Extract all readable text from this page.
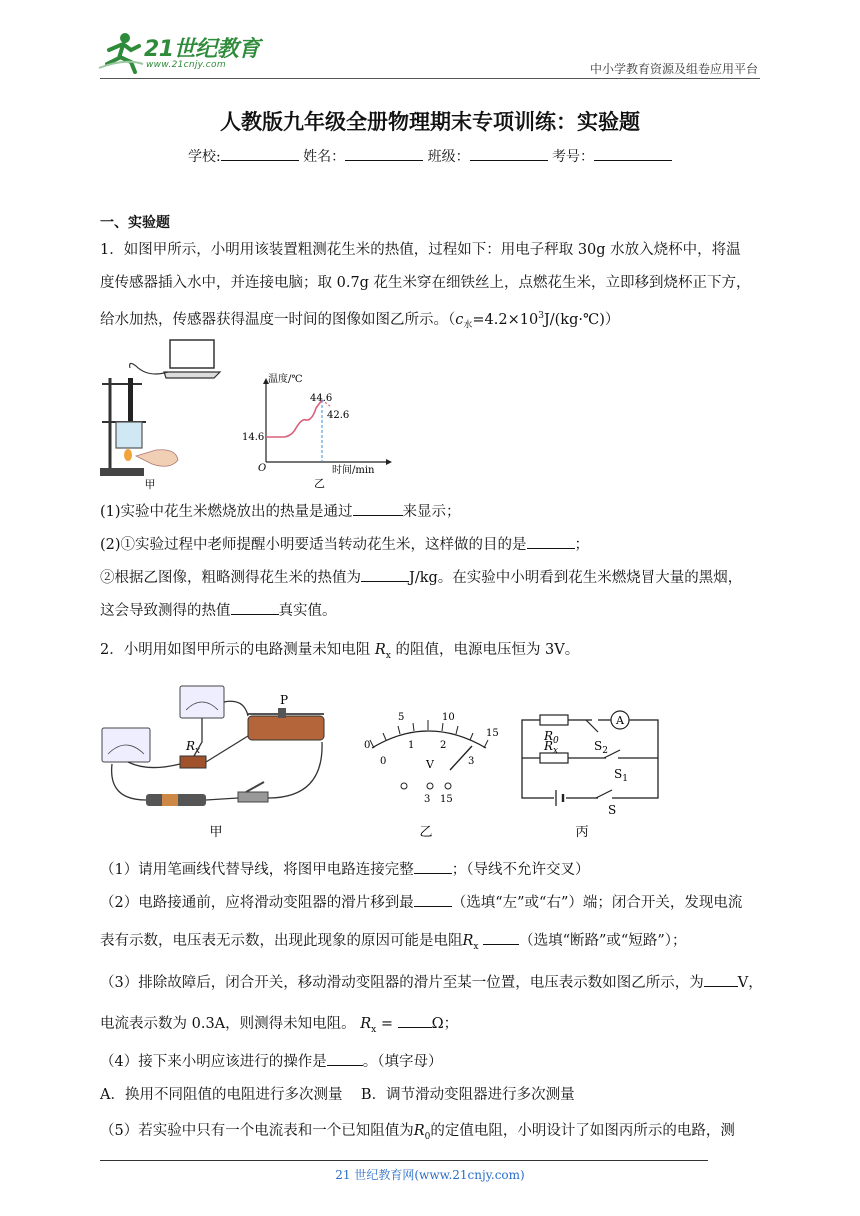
21世纪教育
www.21cnjy.com	中小学教育资源及组卷应用平台
人教版九年级全册物理期末专项训练：实验题
学校:	姓名：	班级：	考号：
一、实验题
1．如图甲所示，小明用该装置粗测花生米的热值，过程如下：用电子秤取 30g 水放入烧杯中，将温
度传感器插入水中，并连接电脑；取 0.7g 花生米穿在细铁丝上，点燃花生米，立即移到烧杯正下方，
给水加热，传感器获得温度一时间的图像如图乙所示。$(c_水=4.2\times 10^3J/(kg\cdot℃))$
甲
温度/℃
时间/min
O
14.6
44.6
42.6
乙
(1)实验中花生米燃烧放出的热量是通过	来显示；
(2)①实验过程中老师提醒小明要适当转动花生米，这样做的目的是	；
②根据乙图像，粗略测得花生米的热值为	J/kg。在实验中小明看到花生米燃烧冒大量的黑烟，
这会导致测得的热值	真实值。
2．小明用如图甲所示的电路测量未知电阻 $R_x$ 的阻值，电源电压恒为 3V。
$R_x$
P
甲
0
5	10
15
0
1	2
3
V
3 15
乙
$R_0$
A
$S_2$
$R_x$
$S_1$
S
丙
（1）请用笔画线代替导线，将图甲电路连接完整	；（导线不允许交叉）
（2）电路接通前，应将滑动变阻器的滑片移到最	（选填“左”或“右”）端；闭合开关，发现电流
表有示数，电压表无示数，出现此现象的原因可能是电阻$R_x$	（选填“断路”或“短路”）；
（3）排除故障后，闭合开关，移动滑动变阻器的滑片至某一位置，电压表示数如图乙所示，为 V，
电流表示数为 0.3A，则测得未知电阻。 $R_x$ =	Ω；
（4）接下来小明应该进行的操作是 。（填字母）
A．换用不同阻值的电阻进行多次测量 B．调节滑动变阻器进行多次测量
（5）若实验中只有一个电流表和一个已知阻值为$R_0$的定值电阻，小明设计了如图丙所示的电路，测
21 世纪教育网(www.21cnjy.com)
